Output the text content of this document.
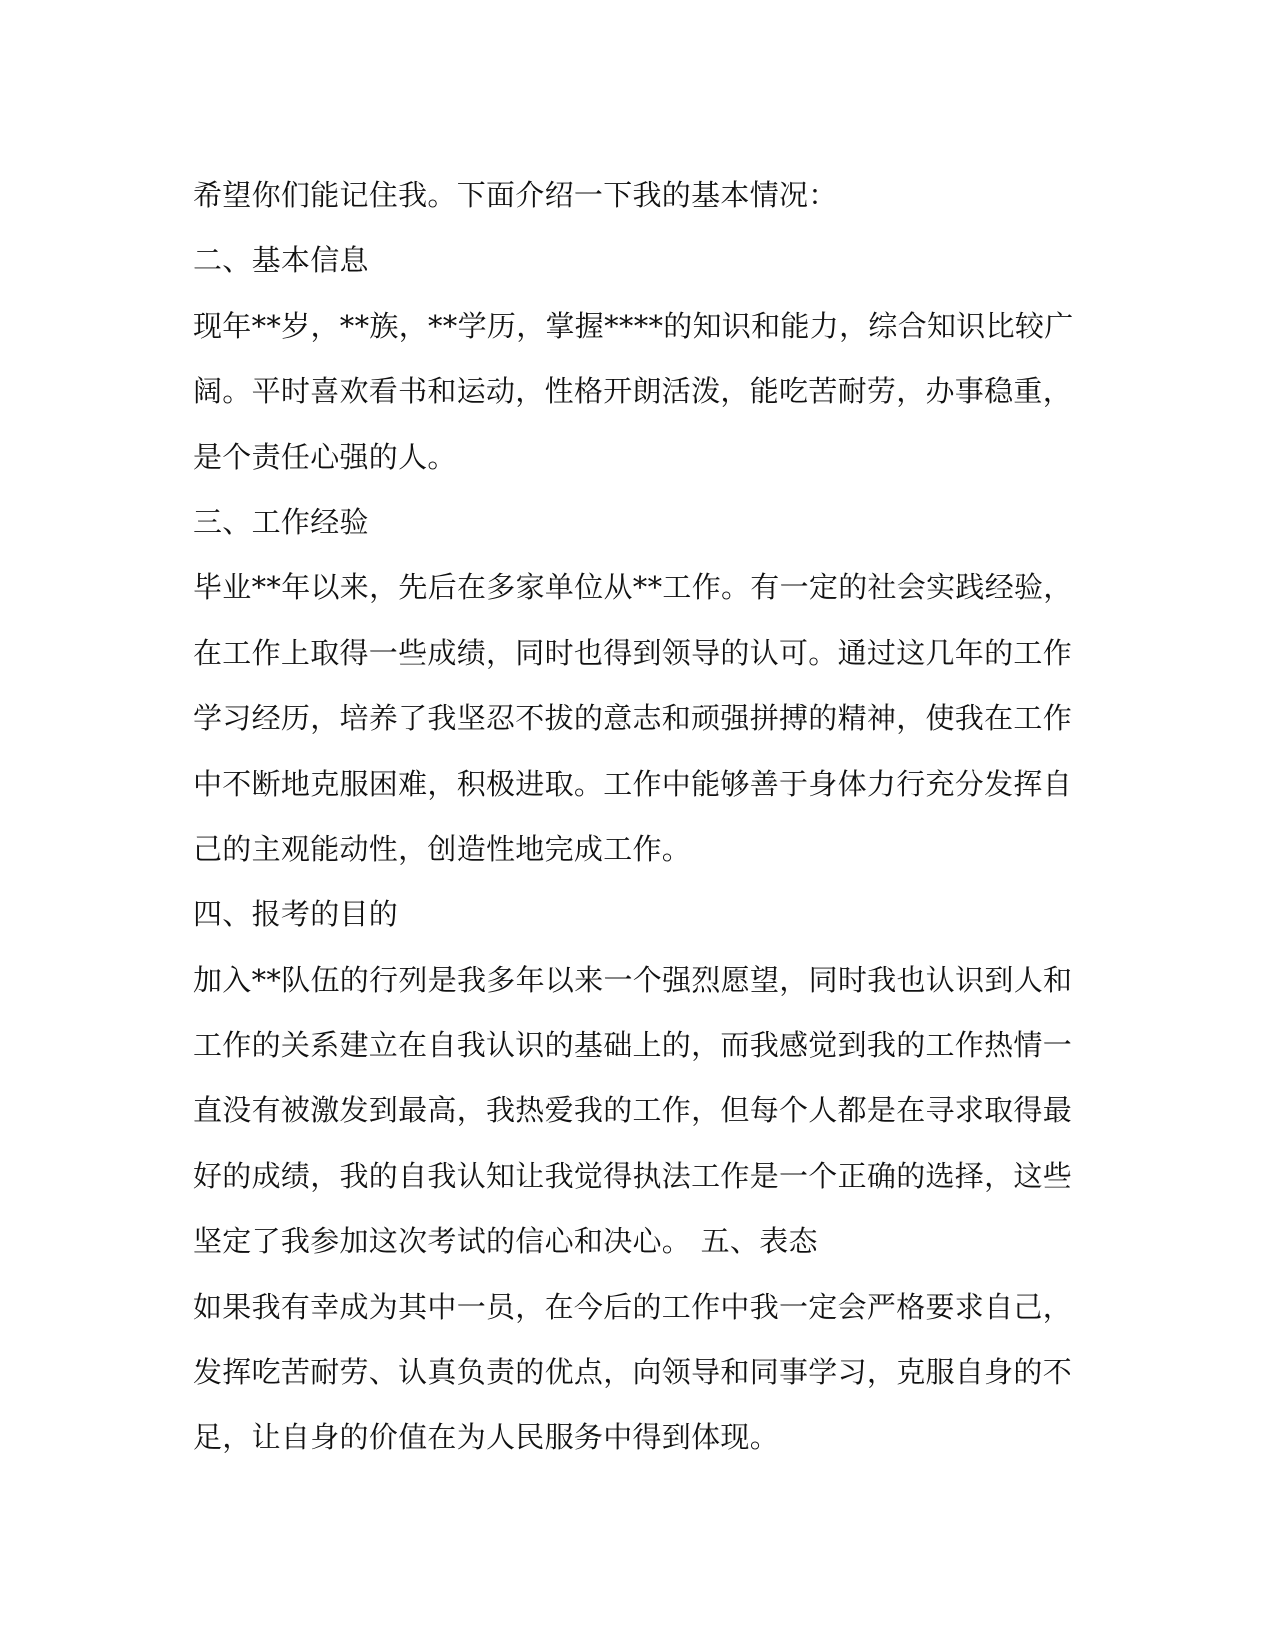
希望你们能记住我。下面介绍一下我的基本情况：
二、基本信息
现年**岁，**族，**学历，掌握****的知识和能力，综合知识比较广
阔。平时喜欢看书和运动，性格开朗活泼，能吃苦耐劳，办事稳重，
是个责任心强的人。
三、工作经验
毕业**年以来，先后在多家单位从**工作。有一定的社会实践经验，
在工作上取得一些成绩，同时也得到领导的认可。通过这几年的工作
学习经历，培养了我坚忍不拔的意志和顽强拼搏的精神，使我在工作
中不断地克服困难，积极进取。工作中能够善于身体力行充分发挥自
己的主观能动性，创造性地完成工作。
四、报考的目的
加入**队伍的行列是我多年以来一个强烈愿望，同时我也认识到人和
工作的关系建立在自我认识的基础上的，而我感觉到我的工作热情一
直没有被激发到最高，我热爱我的工作，但每个人都是在寻求取得最
好的成绩，我的自我认知让我觉得执法工作是一个正确的选择，这些
坚定了我参加这次考试的信心和决心。 五、表态
如果我有幸成为其中一员，在今后的工作中我一定会严格要求自己，
发挥吃苦耐劳、认真负责的优点，向领导和同事学习，克服自身的不
足，让自身的价值在为人民服务中得到体现。
